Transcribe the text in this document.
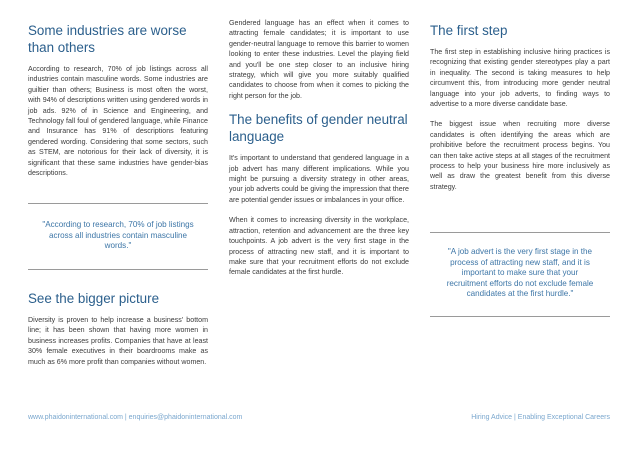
Some industries are worse than others

According to research, 70% of job listings across all industries contain masculine words. Some industries are guiltier than others; Business is most often the worst, with 94% of descriptions written using gendered words in job ads. 92% of in Science and Engineering, and Technology fall foul of gendered language, while Finance and Insurance has 91% of descriptions featuring gendered wording. Considering that some sectors, such as STEM, are notorious for their lack of diversity, it is significant that these same industries have gender-bias descriptions.

"According to research, 70% of job listings across all industries contain masculine words."
See the bigger picture

Diversity is proven to help increase a business' bottom line; it has been shown that having more women in business increases profits. Companies that have at least 30% female executives in their boardrooms make as much as 6% more profit than companies without women.

Gendered language has an effect when it comes to attracting female candidates; it is important to use gender-neutral language to remove this barrier to women looking to enter these industries. Level the playing field and you'll be one step closer to an inclusive hiring strategy, which will give you more suitably qualified candidates to choose from when it comes to picking the right person for the job.

The benefits of gender neutral language

It's important to understand that gendered language in a job advert has many different implications. While you might be pursuing a diversity strategy in other areas, your job adverts could be giving the impression that there are potential gender issues or imbalances in your office.

When it comes to increasing diversity in the workplace, attraction, retention and advancement are the three key touchpoints. A job advert is the very first stage in the process of attracting new staff, and it is important to make sure that your recruitment efforts do not exclude female candidates at the first hurdle.

The first step

The first step in establishing inclusive hiring practices is recognizing that existing gender stereotypes play a part in inequality. The second is taking measures to help circumvent this, from introducing more gender neutral language into your job adverts, to finding ways to advertise to a more diverse candidate base.

The biggest issue when recruiting more diverse candidates is often identifying the areas which are prohibitive before the recruitment process begins. You can then take active steps at all stages of the recruitment process to help your business hire more inclusively as well as draw the greatest benefit from this diverse strategy.

"A job advert is the very first stage in the process of attracting new staff, and it is important to make sure that your recruitment efforts do not exclude female candidates at the first hurdle."
www.phaidoninternational.com | enquiries@phaidoninternational.com	Hiring Advice | Enabling Exceptional Careers
